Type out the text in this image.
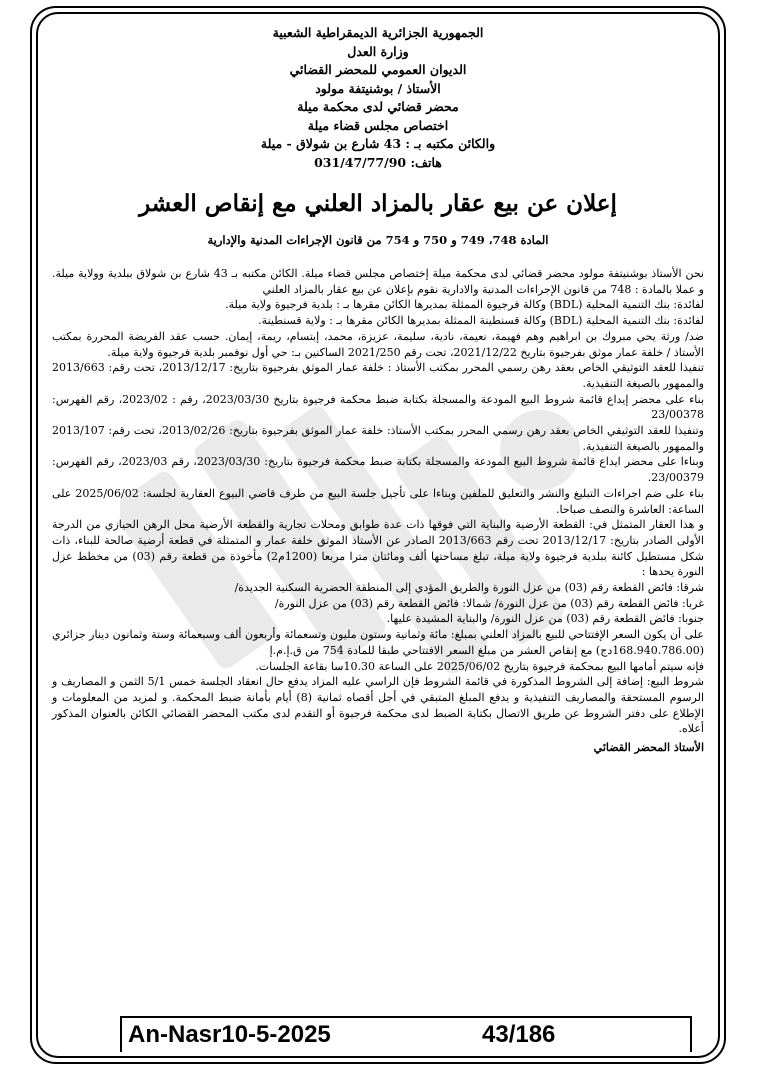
الجمهورية الجزائرية الديمقراطية الشعبية
وزارة العدل
الديوان العمومي للمحضر القضائي
الأستاذ / بوشنيتفة مولود
محضر قضائي لدى محكمة ميلة
اختصاص مجلس قضاء ميلة
والكائن مكتبه بـ : 43 شارع بن شولاق - ميلة
هاتف: 031/47/77/90
إعلان عن بيع عقار بالمزاد العلني مع إنقاص العشر
المادة 748، 749 و 750 و 754 من قانون الإجراءات المدنية والإدارية

نحن الأستاذ بوشنيتفة مولود محضر قضائي لدى محكمة ميلة إختصاص مجلس قضاء ميلة. الكائن مكتبه بـ 43 شارع بن شولاق ببلدية وولاية ميلة. و عملا بالمادة : 748 من قانون الإجراءات المدنية والادارية نقوم بإعلان عن بيع عقار بالمزاد العلني

لفائدة: بنك التنمية المحلية (BDL) وكالة فرجيوة الممثلة بمديرها الكائن مقرها بـ : بلدية فرجيوة ولاية ميلة.

لفائدة: بنك التنمية المحلية (BDL) وكالة قسنطينة الممثلة بمديرها الكائن مقرها بـ : ولاية قسنطينة.

ضد/ ورثة يحي مبروك بن ابراهيم وهم فهيمة، نعيمة، نادية، سليمة، عزيزة، محمد، إبتسام، ريمة، إيمان. حسب عقد الفريضة المحررة بمكتب الأستاذ / خلفة عمار موثق بفرجيوة بتاريخ 2021/12/22، تحت رقم 2021/250 الساكنين بـ: حي أول نوفمبر بلدية فرجيوة ولاية ميلة.

تنفيذا للعقد التوثيقي الخاص بعقد رهن رسمي المحرر بمكتب الأستاذ : خلفة عمار الموثق بفرجيوة بتاريخ: 2013/12/17، تحت رقم: 2013/663 والممهور بالصيغة التنفيذية.

بناء على محضر إيداع قائمة شروط البيع المودعة والمسجلة بكتابة ضبط محكمة فرجيوة بتاريخ 2023/03/30، رقم : 2023/02، رقم الفهرس: 23/00378

وتنفيذا للعقد التوثيقي الخاص بعقد رهن رسمي المحرر بمكتب الأستاذ: خلفة عمار الموثق بفرجيوة بتاريخ: 2013/02/26، تحت رقم: 2013/107 والممهور بالصيغة التنفيذية.

وبناءا على محضر ايداع قائمة شروط البيع المودعة والمسجلة بكتابة ضبط محكمة فرجيوة بتاريخ: 2023/03/30، رقم 2023/03، رقم الفهرس: 23/00379.

بناء على ضم اجراءات التبليغ والنشر والتعليق للملفين وبناءا على تأجيل جلسة البيع من طرف قاضي البيوع العقارية لجلسة: 2025/06/02 على الساعة: العاشرة والنصف صباحا.

و هذا العقار المتمثل في: القطعة الأرضية والبناية التي فوقها ذات عدة طوابق ومحلات تجارية والقطعة الأرضية محل الرهن الحيازي من الدرجة الأولى الصادر بتاريخ: 2013/12/17 تحت رقم 2013/663 الصادر عن الأستاذ الموثق خلفة عمار و المتمثلة في قطعة أرضية صالحة للبناء، ذات شكل مستطيل كائنة ببلدية فرجيوة ولاية ميلة، تبلغ مساحتها ألف ومائتان مترا مربعا (1200م2) مأخوذة من قطعة رقم (03) من مخطط عزل النورة يحدها :

شرقا: فائض القطعة رقم (03) من عزل النورة والطريق المؤدي إلى المنطقة الحضرية السكنية الجديدة/

غربا: فائض القطعة رقم (03) من عزل النورة/ شمالا: فائض القطعة رقم (03) من عزل النورة/

جنوبا: فائض القطعة رقم (03) من عزل النورة/ والبناية المشيدة عليها.

على أن يكون السعر الإفتتاحي للبيع بالمزاد العلني بمبلغ: مائة وثمانية وستون مليون وتسعمائة وأربعون ألف وسبعمائة وستة وثمانون دينار جزائري (168.940.786.00دج) مع إنقاص العشر من مبلغ السعر الافتتاحي طبقا للمادة 754 من ق.إ.م.إ

فإنه سيتم أمامها البيع بمحكمة فرجيوة بتاريخ 2025/06/02 على الساعة 10.30سا بقاعة الجلسات.

شروط البيع: إضافة إلى الشروط المذكورة في قائمة الشروط فإن الراسي عليه المزاد يدفع حال انعقاد الجلسة خمس 5/1 الثمن و المصاريف و الرسوم المستحقة والمصاريف التنفيذية و يدفع المبلغ المتبقي في أجل أقصاه ثمانية (8) أيام بأمانة ضبط المحكمة. و لمزيد من المعلومات و الإطلاع على دفتر الشروط عن طريق الاتصال بكتابة الضبط لدى محكمة فرجيوة أو التقدم لدى مكتب المحضر القضائي الكائن بالعنوان المذكور أعلاه.

الأستاذ المحضر القضائي
An-Nasr10-5-2025	43/186
